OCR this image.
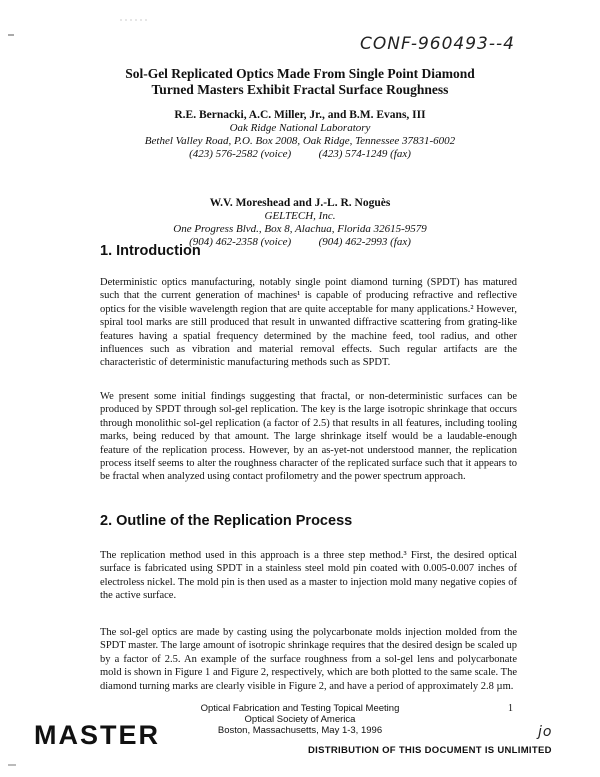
CONF-960493--4
Sol-Gel Replicated Optics Made From Single Point Diamond
Turned Masters Exhibit Fractal Surface Roughness
R.E. Bernacki, A.C. Miller, Jr., and B.M. Evans, III
Oak Ridge National Laboratory
Bethel Valley Road, P.O. Box 2008, Oak Ridge, Tennessee 37831-6002
(423) 576-2582 (voice)          (423) 574-1249 (fax)
W.V. Moreshead and J.-L. R. Noguès
GELTECH, Inc.
One Progress Blvd., Box 8, Alachua, Florida 32615-9579
(904) 462-2358 (voice)          (904) 462-2993 (fax)
1. Introduction
Deterministic optics manufacturing, notably single point diamond turning (SPDT) has matured such that the current generation of machines¹ is capable of producing refractive and reflective optics for the visible wavelength region that are quite acceptable for many applications.² However, spiral tool marks are still produced that result in unwanted diffractive scattering from grating-like features having a spatial frequency determined by the machine feed, tool radius, and other influences such as vibration and material removal effects. Such regular artifacts are the characteristic of deterministic manufacturing methods such as SPDT.
We present some initial findings suggesting that fractal, or non-deterministic surfaces can be produced by SPDT through sol-gel replication. The key is the large isotropic shrinkage that occurs through monolithic sol-gel replication (a factor of 2.5) that results in all features, including tooling marks, being reduced by that amount. The large shrinkage itself would be a laudable-enough feature of the replication process. However, by an as-yet-not understood manner, the replication process itself seems to alter the roughness character of the replicated surface such that it appears to be fractal when analyzed using contact profilometry and the power spectrum approach.
2. Outline of the Replication Process
The replication method used in this approach is a three step method.³ First, the desired optical surface is fabricated using SPDT in a stainless steel mold pin coated with 0.005-0.007 inches of electroless nickel. The mold pin is then used as a master to injection mold many negative copies of the active surface.
The sol-gel optics are made by casting using the polycarbonate molds injection molded from the SPDT master. The large amount of isotropic shrinkage requires that the desired design be scaled up by a factor of 2.5. An example of the surface roughness from a sol-gel lens and polycarbonate mold is shown in Figure 1 and Figure 2, respectively, which are both plotted to the same scale. The diamond turning marks are clearly visible in Figure 2, and have a period of approximately 2.8 µm.
Optical Fabrication and Testing Topical Meeting
Optical Society of America
Boston, Massachusetts, May 1-3, 1996
1
MASTER	jo
DISTRIBUTION OF THIS DOCUMENT IS UNLIMITED
